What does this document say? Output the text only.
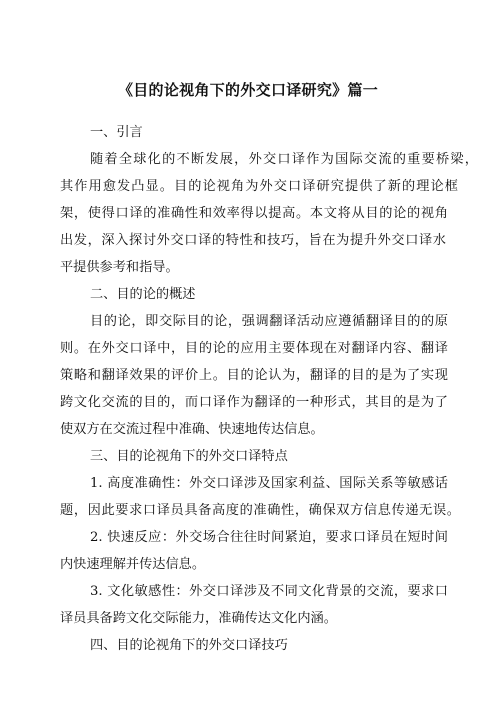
《目的论视角下的外交口译研究》篇一
一、引言
随着全球化的不断发展，外交口译作为国际交流的重要桥梁，
其作用愈发凸显。目的论视角为外交口译研究提供了新的理论框
架，使得口译的准确性和效率得以提高。本文将从目的论的视角
出发，深入探讨外交口译的特性和技巧，旨在为提升外交口译水
平提供参考和指导。
二、目的论的概述
目的论，即交际目的论，强调翻译活动应遵循翻译目的的原
则。在外交口译中，目的论的应用主要体现在对翻译内容、翻译
策略和翻译效果的评价上。目的论认为，翻译的目的是为了实现
跨文化交流的目的，而口译作为翻译的一种形式，其目的是为了
使双方在交流过程中准确、快速地传达信息。
三、目的论视角下的外交口译特点
1. 高度准确性：外交口译涉及国家利益、国际关系等敏感话
题，因此要求口译员具备高度的准确性，确保双方信息传递无误。
2. 快速反应：外交场合往往时间紧迫，要求口译员在短时间
内快速理解并传达信息。
3. 文化敏感性：外交口译涉及不同文化背景的交流，要求口
译员具备跨文化交际能力，准确传达文化内涵。
四、目的论视角下的外交口译技巧
